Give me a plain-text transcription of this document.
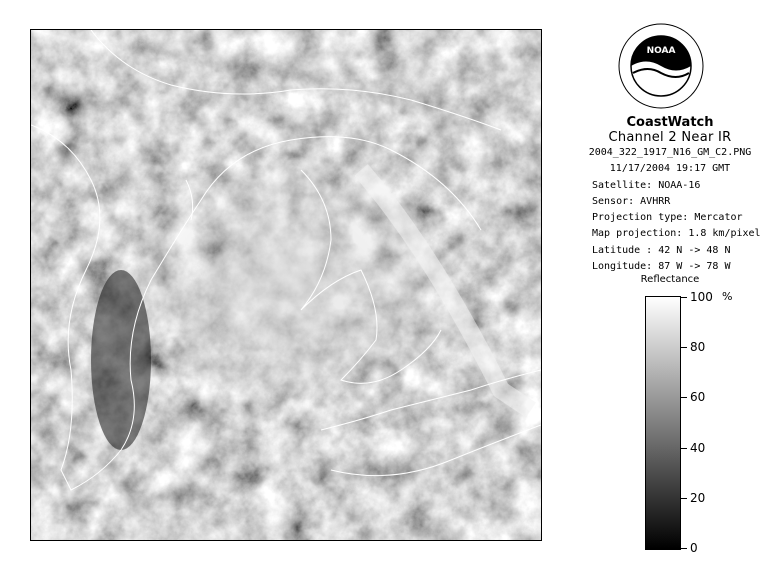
NOAA
CoastWatch
Channel 2 Near IR
2004_322_1917_N16_GM_C2.PNG
11/17/2004 19:17 GMT
Satellite: NOAA-16
Sensor: AVHRR
Projection type: Mercator
Map projection: 1.8 km/pixel
Latitude : 42 N -> 48 N
Longitude: 87 W -> 78 W
Reflectance
%
100
80
60
40
20
0
